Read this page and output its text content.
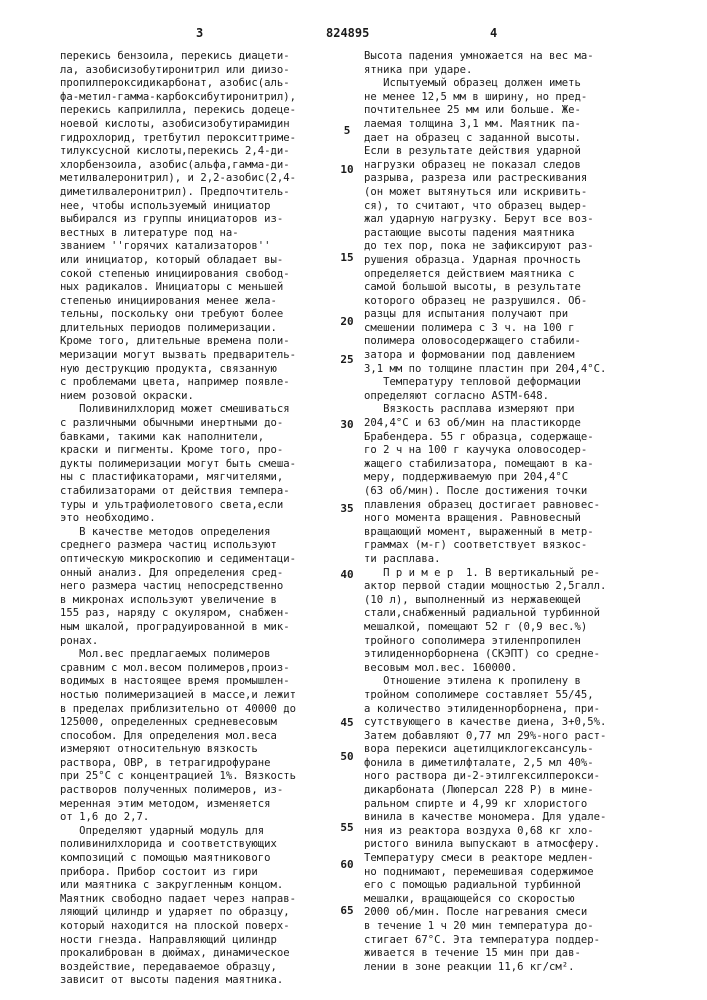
3	824895	4

перекись бензоила, перекись диацети-

ла, азобисизобутиронитрил или диизо-

пропилпероксидикарбонат, азобис(аль-

фа-метил-гамма-карбоксибутиронитрил),

перекись каприлилла, перекись додеце-

ноевой кислоты, азобисизобутирамидин

гидрохлорид, третбутил перокситтриме-

тилуксусной кислоты,перекись 2,4-ди-

хлорбензоила, азобис(альфа,гамма-ди-

метилвалеронитрил), и 2,2-азобис(2,4-

диметилвалеронитрил). Предпочтитель-

нее, чтобы используемый инициатор

выбирался из группы инициаторов из-

вестных в литературе под на-

званием ''горячих катализаторов''

или инициатор, который обладает вы-

сокой степенью инициирования свобод-

ных радикалов. Инициаторы с меньшей

степенью инициирования менее жела-

тельны, поскольку они требуют более

длительных периодов полимеризации.

Кроме того, длительные времена поли-

меризации могут вызвать предваритель-

ную деструкцию продукта, связанную

с проблемами цвета, например появле-

нием розовой окраски.

Поливинилхлорид может смешиваться

с различными обычными инертными до-

бавками, такими как наполнители,

краски и пигменты. Кроме того, про-

дукты полимеризации могут быть смеша-

ны с пластификаторами, мягчителями,

стабилизаторами от действия темпера-

туры и ультрафиолетового света,если

это необходимо.

В качестве методов определения

среднего размера частиц используют

оптическую микроскопию и седиментаци-

онный анализ. Для определения сред-

него размера частиц непосредственно

в микронах используют увеличение в

155 раз, наряду с окуляром, снабжен-

ным шкалой, проградуированной в мик-

ронах.

Мол.вес предлагаемых полимеров

сравним с мол.весом полимеров,произ-

водимых в настоящее время промышлен-

ностью полимеризацией в массе,и лежит

в пределах приблизительно от 40000 до

125000, определенных средневесовым

способом. Для определения мол.веса

измеряют относительную вязкость

раствора, ОВР, в тетрагидрофуране

при 25°С с концентрацией 1%. Вязкость

растворов полученных полимеров, из-

меренная этим методом, изменяется

от 1,6 до 2,7.

Определяют ударный модуль для

поливинилхлорида и соответствующих

композиций с помощью маятникового

прибора. Прибор состоит из гири

или маятника с закругленным концом.

Маятник свободно падает через направ-

ляющий цилиндр и ударяет по образцу,

который находится на плоской поверх-

ности гнезда. Направляющий цилиндр

прокалиброван в дюймах, динамическое

воздействие, передаваемое образцу,

зависит от высоты падения маятника.

Высота падения умножается на вес ма-

ятника при ударе.

Испытуемый образец должен иметь

не менее 12,5 мм в ширину, но пред-

почтительнее 25 мм или больше. Же-

лаемая толщина 3,1 мм. Маятник па-

дает на образец с заданной высоты.

Если в результате действия ударной

нагрузки образец не показал следов

разрыва, разреза или растрескивания

(он может вытянуться или искривить-

ся), то считают, что образец выдер-

жал ударную нагрузку. Берут все воз-

растающие высоты падения маятника

до тех пор, пока не зафиксируют раз-

рушения образца. Ударная прочность

определяется действием маятника с

самой большой высоты, в результате

которого образец не разрушился. Об-

разцы для испытания получают при

смешении полимера с 3 ч. на 100 г

полимера оловосодержащего стабили-

затора и формовании под давлением

3,1 мм по толщине пластин при 204,4°С.

Температуру тепловой деформации

определяют согласно АSТМ-648.

Вязкость расплава измеряют при

204,4°С и 63 об/мин на пластикорде

Брабендера. 55 г образца, содержаще-

го 2 ч на 100 г каучука оловосодер-

жащего стабилизатора, помещают в ка-

меру, поддерживаемую при 204,4°С

(63 об/мин). После достижения точки

плавления образец достигает равновес-

ного момента вращения. Равновесный

вращающий момент, выраженный в метр-

граммах (м-г) соответствует вязкос-

ти расплава.

П р и м е р  1. В вертикальный ре-

актор первой стадии мощностью 2,5галл.

(10 л), выполненный из нержавеющей

стали,снабженный радиальной турбинной

мешалкой, помещают 52 г (0,9 вес.%)

тройного сополимера этиленпропилен

этилиденнорборнена (СКЭПТ) со средне-

весовым мол.вес. 160000.

Отношение этилена к пропилену в

тройном сополимере составляет 55/45,

а количество этилиденнорборнена, при-

сутствующего в качестве диена, 3+0,5%.

Затем добавляют 0,77 мл 29%-ного раст-

вора перекиси ацетилциклогексансуль-

фонила в диметилфталате, 2,5 мл 40%-

ного раствора ди-2-этилгексилперокси-

дикарбоната (Люперсал 228 Р) в мине-

ральном спирте и 4,99 кг хлористого

винила в качестве мономера. Для удале-

ния из реактора воздуха 0,68 кг хло-

ристого винила выпускают в атмосферу.

Температуру смеси в реакторе медлен-

но поднимают, перемешивая содержимое

его с помощью радиальной турбинной

мешалки, вращающейся со скоростью

2000 об/мин. После нагревания смеси

в течение 1 ч 20 мин температура до-

стигает 67°С. Эта температура поддер-

живается в течение 15 мин при дав-

лении в зоне реакции 11,6 кг/см².

5
10
15
20
25
30
35
40
45
50
55
60
65
